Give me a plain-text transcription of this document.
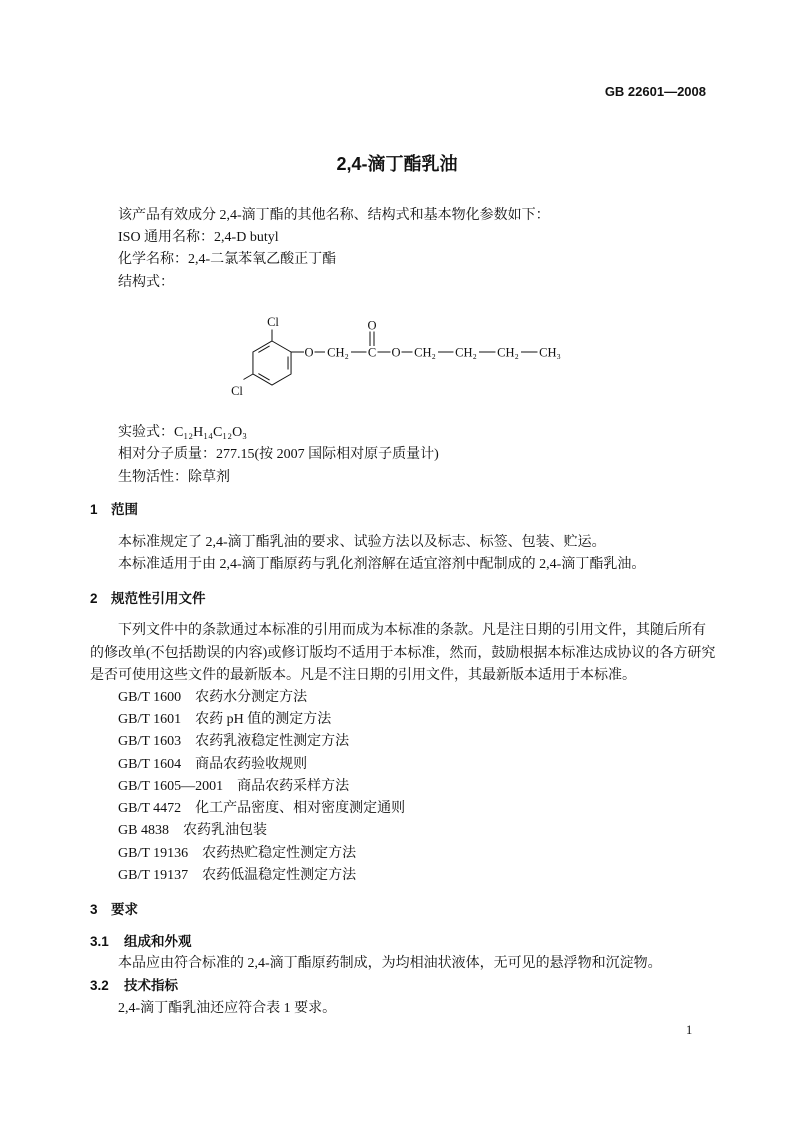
GB 22601—2008
2,4-滴丁酯乳油
该产品有效成分 2,4-滴丁酯的其他名称、结构式和基本物化参数如下：
ISO 通用名称：2,4-D butyl
化学名称：2,4-二氯苯氧乙酸正丁酯
结构式：
Cl
Cl
O CH₂ C
O
O CH₂ CH₂ CH₂ CH₃
实验式：C₁₂H₁₄C₁₂O₃
相对分子质量：277.15(按 2007 国际相对原子质量计)
生物活性：除草剂
1 范围
本标准规定了 2,4-滴丁酯乳油的要求、试验方法以及标志、标签、包装、贮运。
本标准适用于由 2,4-滴丁酯原药与乳化剂溶解在适宜溶剂中配制成的 2,4-滴丁酯乳油。
2 规范性引用文件
下列文件中的条款通过本标准的引用而成为本标准的条款。凡是注日期的引用文件，其随后所有
的修改单(不包括勘误的内容)或修订版均不适用于本标准，然而，鼓励根据本标准达成协议的各方研究
是否可使用这些文件的最新版本。凡是不注日期的引用文件，其最新版本适用于本标准。
GB/T 1600 农药水分测定方法
GB/T 1601 农药 pH 值的测定方法
GB/T 1603 农药乳液稳定性测定方法
GB/T 1604 商品农药验收规则
GB/T 1605—2001 商品农药采样方法
GB/T 4472 化工产品密度、相对密度测定通则
GB 4838 农药乳油包装
GB/T 19136 农药热贮稳定性测定方法
GB/T 19137 农药低温稳定性测定方法
3 要求
3.1 组成和外观
本品应由符合标准的 2,4-滴丁酯原药制成，为均相油状液体，无可见的悬浮物和沉淀物。
3.2 技术指标
2,4-滴丁酯乳油还应符合表 1 要求。
1
